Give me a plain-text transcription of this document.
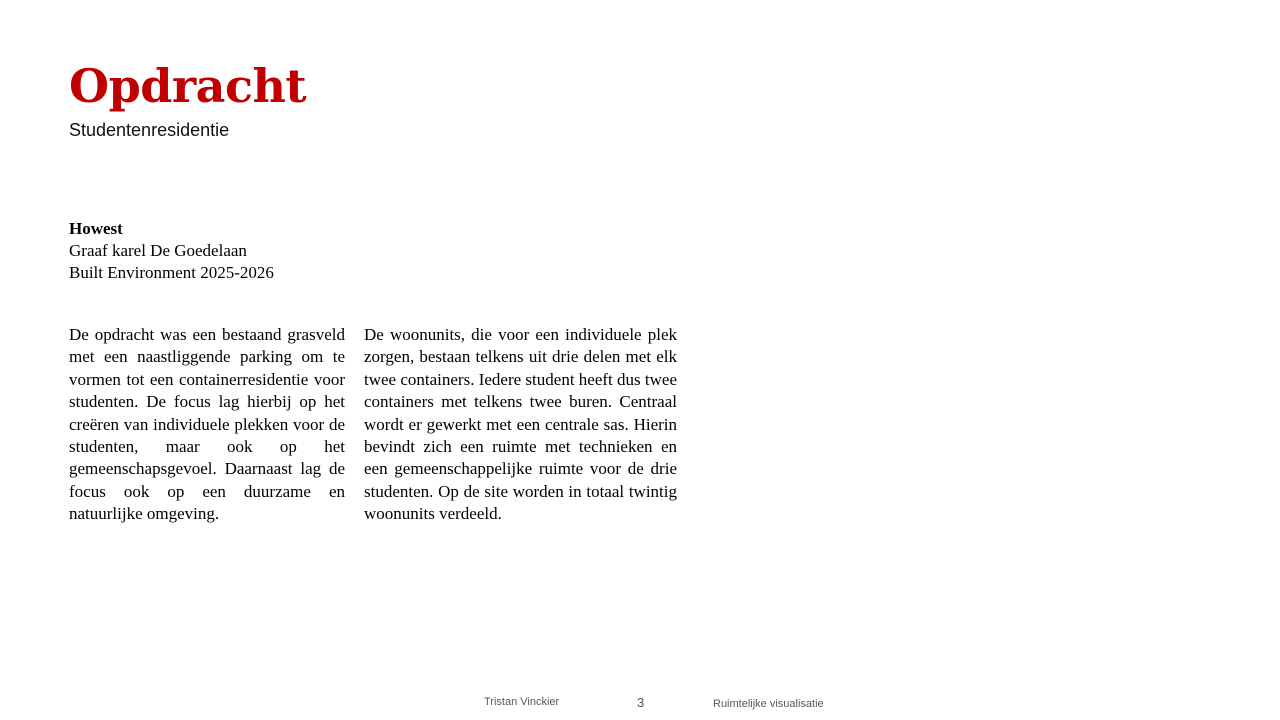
Opdracht
Studentenresidentie
Howest
Graaf karel De Goedelaan
Built Environment 2025-2026

De opdracht was een bestaand grasveld met een naastliggende parking om te vormen tot een containerresidentie voor studenten. De focus lag hierbij op het creëren van individuele plekken voor de studenten, maar ook op het gemeenschapsgevoel. Daarnaast lag de focus ook op een duurzame en natuurlijke omgeving.

De woonunits, die voor een individuele plek zorgen, bestaan telkens uit drie delen met elk twee containers. Iedere student heeft dus twee containers met telkens twee buren. Centraal wordt er gewerkt met een centrale sas. Hierin bevindt zich een ruimte met technieken en een gemeenschappelijke ruimte voor de drie studenten. Op de site worden in totaal twintig woonunits verdeeld.

Tristan Vinckier	3	Ruimtelijke visualisatie
